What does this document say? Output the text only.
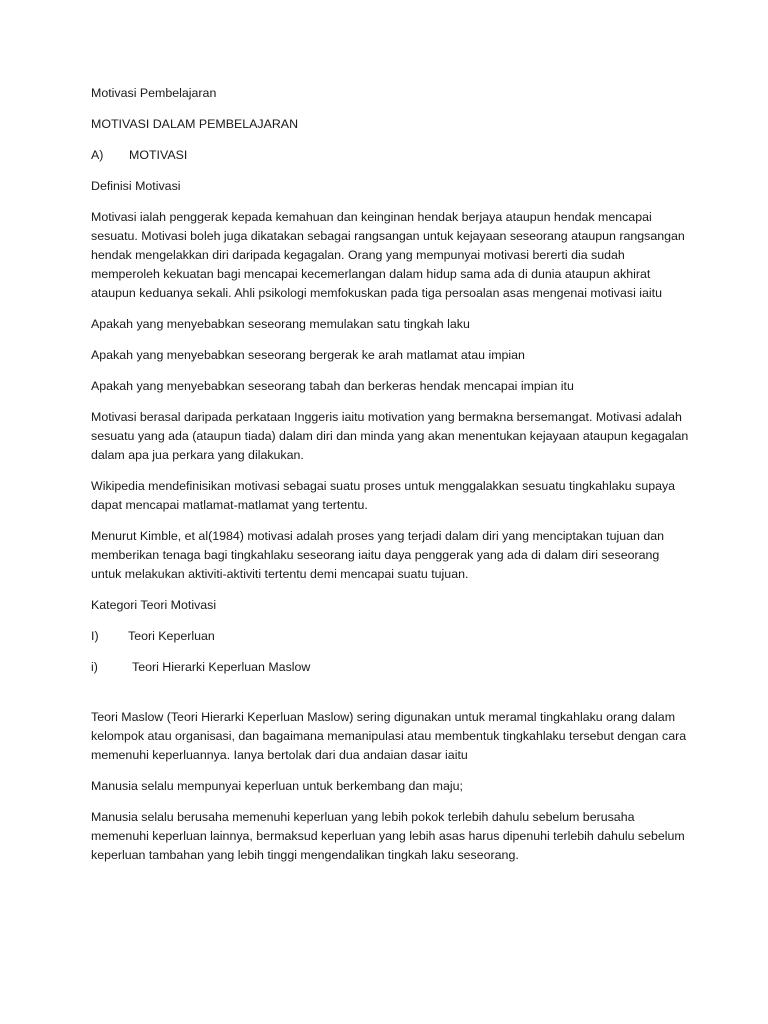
Motivasi Pembelajaran

MOTIVASI DALAM PEMBELAJARAN

A)	MOTIVASI

Definisi Motivasi

Motivasi ialah penggerak kepada kemahuan dan keinginan hendak berjaya ataupun hendak mencapai sesuatu. Motivasi boleh juga dikatakan sebagai rangsangan untuk kejayaan seseorang ataupun rangsangan hendak mengelakkan diri daripada kegagalan. Orang yang mempunyai motivasi bererti dia sudah memperoleh kekuatan bagi mencapai kecemerlangan dalam hidup sama ada di dunia ataupun akhirat ataupun keduanya sekali. Ahli psikologi memfokuskan pada tiga persoalan asas mengenai motivasi iaitu

Apakah yang menyebabkan seseorang memulakan satu tingkah laku

Apakah yang menyebabkan seseorang bergerak ke arah matlamat atau impian

Apakah yang menyebabkan seseorang tabah dan berkeras hendak mencapai impian itu

Motivasi berasal daripada perkataan Inggeris iaitu motivation yang bermakna bersemangat. Motivasi adalah sesuatu yang ada (ataupun tiada) dalam diri dan minda yang akan menentukan kejayaan ataupun kegagalan dalam apa jua perkara yang dilakukan.

Wikipedia mendefinisikan motivasi sebagai suatu proses untuk menggalakkan sesuatu tingkahlaku supaya dapat mencapai matlamat-matlamat yang tertentu.

Menurut Kimble, et al(1984) motivasi adalah proses yang terjadi dalam diri yang menciptakan tujuan dan memberikan tenaga bagi tingkahlaku seseorang iaitu daya penggerak yang ada di dalam diri seseorang untuk melakukan aktiviti-aktiviti tertentu demi mencapai suatu tujuan.

Kategori Teori Motivasi

I)	Teori Keperluan

i)	Teori Hierarki Keperluan Maslow

Teori Maslow (Teori Hierarki Keperluan Maslow) sering digunakan untuk meramal tingkahlaku orang dalam kelompok atau organisasi, dan bagaimana memanipulasi atau membentuk tingkahlaku tersebut dengan cara memenuhi keperluannya. Ianya bertolak dari dua andaian dasar iaitu

Manusia selalu mempunyai keperluan untuk berkembang dan maju;

Manusia selalu berusaha memenuhi keperluan yang lebih pokok terlebih dahulu sebelum berusaha memenuhi keperluan lainnya, bermaksud keperluan yang lebih asas harus dipenuhi terlebih dahulu sebelum keperluan tambahan yang lebih tinggi mengendalikan tingkah laku seseorang.
